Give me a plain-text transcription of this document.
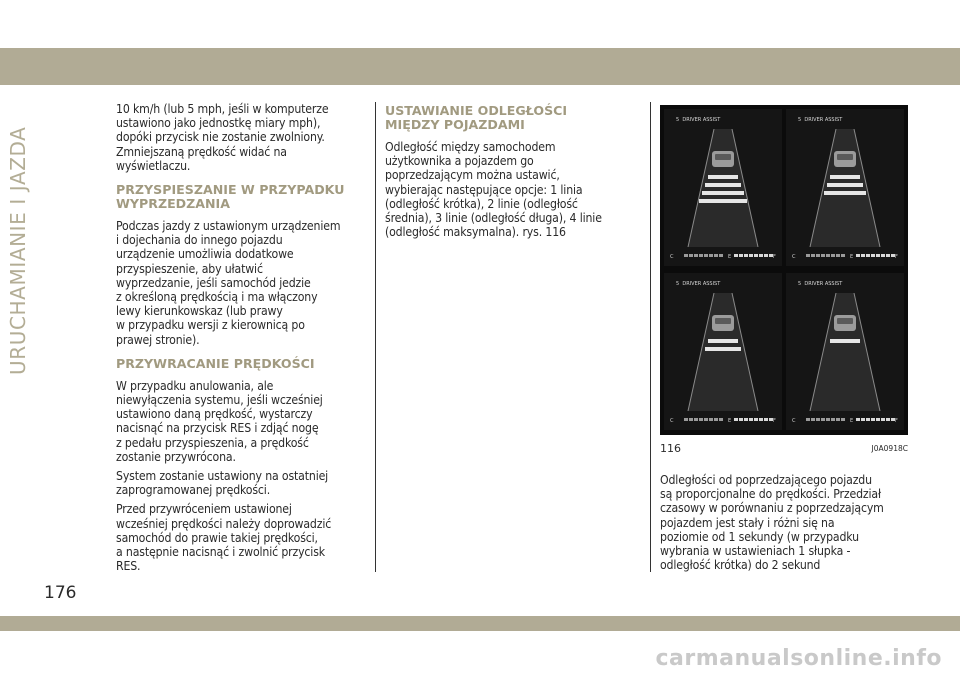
URUCHAMIANIE I JAZDA

10 km/h (lub 5 mph, jeśli w komputerze
ustawiono jako jednostkę miary mph),
dopóki przycisk nie zostanie zwolniony.
Zmniejszaną prędkość widać na
wyświetlaczu.

PRZYSPIESZANIE W PRZYPADKU
WYPRZEDZANIA

Podczas jazdy z ustawionym urządzeniem
i dojechania do innego pojazdu
urządzenie umożliwia dodatkowe
przyspieszenie, aby ułatwić
wyprzedzanie, jeśli samochód jedzie
z określoną prędkością i ma włączony
lewy kierunkowskaz (lub prawy
w przypadku wersji z kierownicą po
prawej stronie).

PRZYWRACANIE PRĘDKOŚCI

W przypadku anulowania, ale
niewyłączenia systemu, jeśli wcześniej
ustawiono daną prędkość, wystarczy
nacisnąć na przycisk RES i zdjąć nogę
z pedału przyspieszenia, a prędkość
zostanie przywrócona.

System zostanie ustawiony na ostatniej
zaprogramowanej prędkości.

Przed przywróceniem ustawionej
wcześniej prędkości należy doprowadzić
samochód do prawie takiej prędkości,
a następnie nacisnąć i zwolnić przycisk
RES.

USTAWIANIE ODLEGŁOŚCI
MIĘDZY POJAZDAMI

Odległość między samochodem
użytkownika a pojazdem go
poprzedzającym można ustawić,
wybierając następujące opcje: 1 linia
(odległość krótka), 2 linie (odległość
średnia), 3 linie (odległość długa), 4 linie
(odległość maksymalna). rys. 116

5  DRIVER ASSIST
C	E	F
5  DRIVER ASSIST
C	E	F
5  DRIVER ASSIST
C	E	F
5  DRIVER ASSIST
C	E	F
116	J0A0918C

Odległości od poprzedzającego pojazdu
są proporcjonalne do prędkości. Przedział
czasowy w porównaniu z poprzedzającym
pojazdem jest stały i różni się na
poziomie od 1 sekundy (w przypadku
wybrania w ustawieniach 1 słupka -
odległość krótka) do 2 sekund

176
carmanualsonline.info
